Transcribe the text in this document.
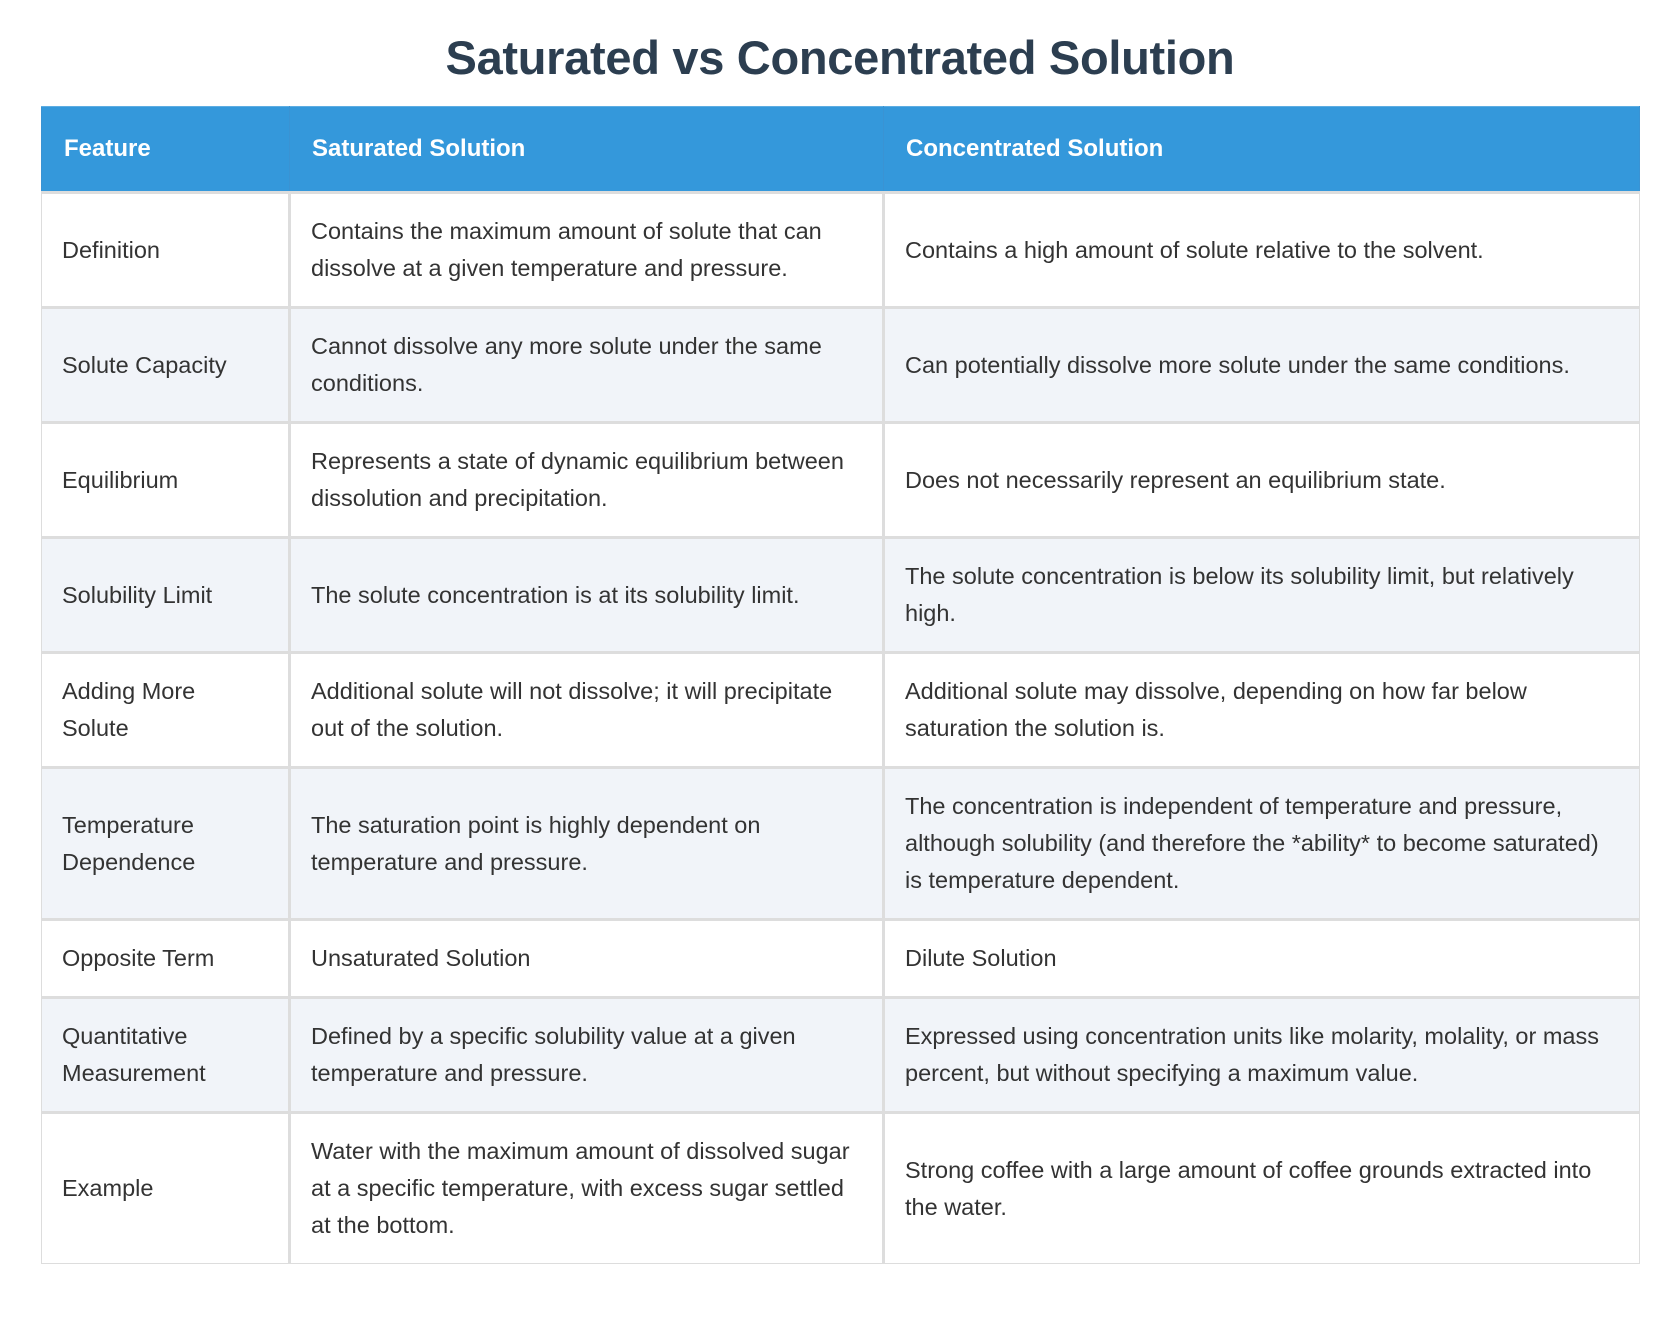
Saturated vs Concentrated Solution
Feature	Saturated Solution	Concentrated Solution
Definition	Contains the maximum amount of solute that can dissolve at a given temperature and pressure.	Contains a high amount of solute relative to the solvent.
Solute Capacity	Cannot dissolve any more solute under the same conditions.	Can potentially dissolve more solute under the same conditions.
Equilibrium	Represents a state of dynamic equilibrium between dissolution and precipitation.	Does not necessarily represent an equilibrium state.
Solubility Limit	The solute concentration is at its solubility limit.	The solute concentration is below its solubility limit, but relatively high.
Adding More Solute	Additional solute will not dissolve; it will precipitate out of the solution.	Additional solute may dissolve, depending on how far below saturation the solution is.
Temperature Dependence	The saturation point is highly dependent on temperature and pressure.	The concentration is independent of temperature and pressure, although solubility (and therefore the *ability* to become saturated) is temperature dependent.
Opposite Term	Unsaturated Solution	Dilute Solution
Quantitative Measurement	Defined by a specific solubility value at a given temperature and pressure.	Expressed using concentration units like molarity, molality, or mass percent, but without specifying a maximum value.
Example	Water with the maximum amount of dissolved sugar at a specific temperature, with excess sugar settled at the bottom.	Strong coffee with a large amount of coffee grounds extracted into the water.
